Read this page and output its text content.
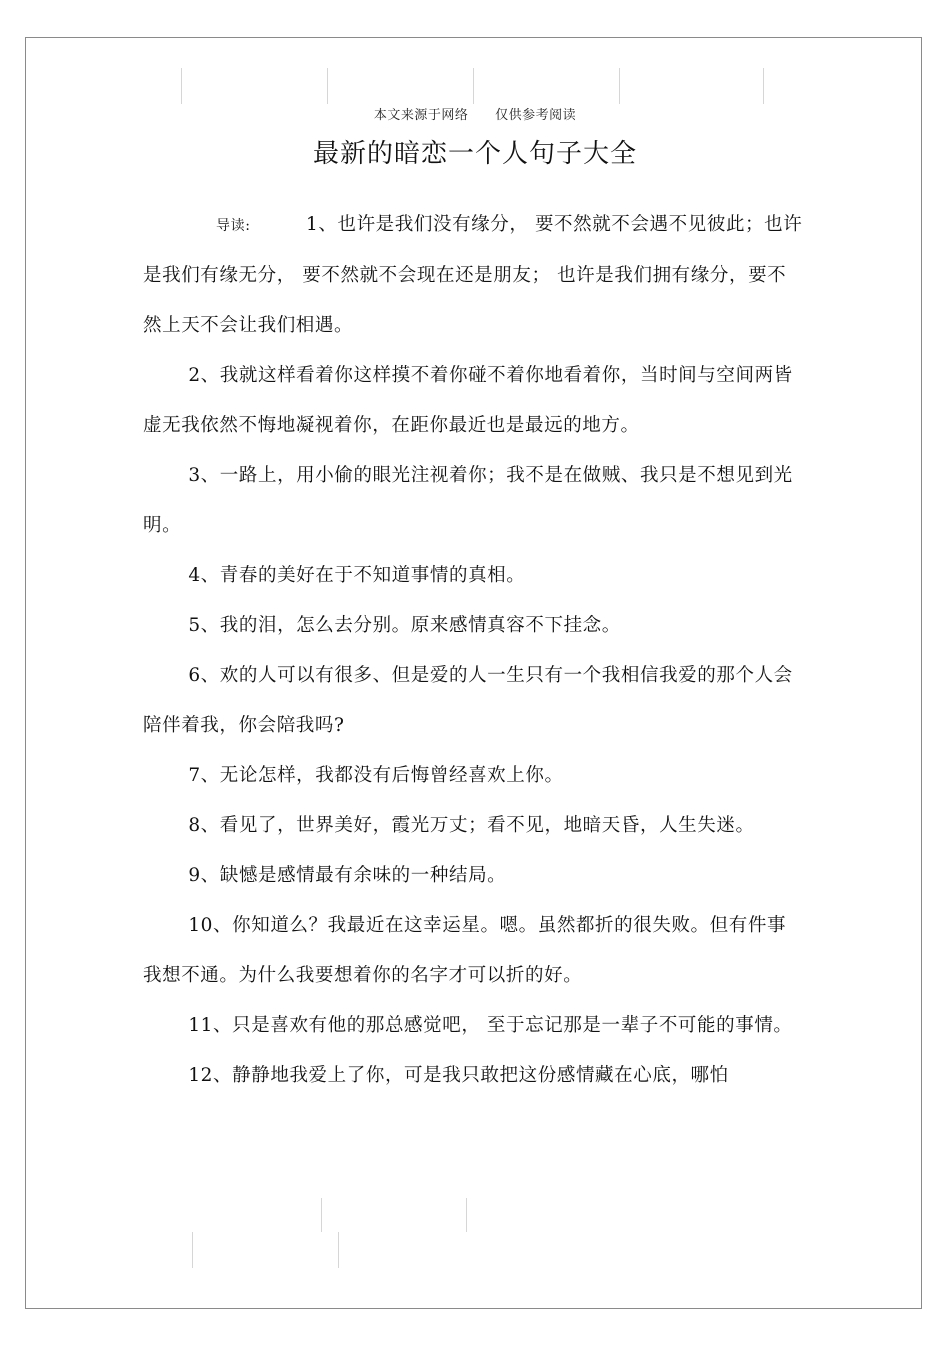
本文来源于网络 仅供参考阅读
最新的暗恋一个人句子大全

导读:	1、也许是我们没有缘分， 要不然就不会遇不见彼此；也许是我们有缘无分， 要不然就不会现在还是朋友； 也许是我们拥有缘分，要不然上天不会让我们相遇。

2、我就这样看着你这样摸不着你碰不着你地看着你，当时间与空间两皆虚无我依然不悔地凝视着你，在距你最近也是最远的地方。

3、一路上，用小偷的眼光注视着你；我不是在做贼、我只是不想见到光明。

4、青春的美好在于不知道事情的真相。

5、我的泪，怎么去分别。原来感情真容不下挂念。

6、欢的人可以有很多、但是爱的人一生只有一个我相信我爱的那个人会陪伴着我，你会陪我吗?

7、无论怎样，我都没有后悔曾经喜欢上你。

8、看见了，世界美好，霞光万丈；看不见，地暗天昏，人生失迷。

9、缺憾是感情最有余味的一种结局。

10、你知道么？我最近在这幸运星。嗯。虽然都折的很失败。但有件事我想不通。为什么我要想着你的名字才可以折的好。

11、只是喜欢有他的那总感觉吧， 至于忘记那是一辈子不可能的事情。

12、静静地我爱上了你，可是我只敢把这份感情藏在心底，哪怕
